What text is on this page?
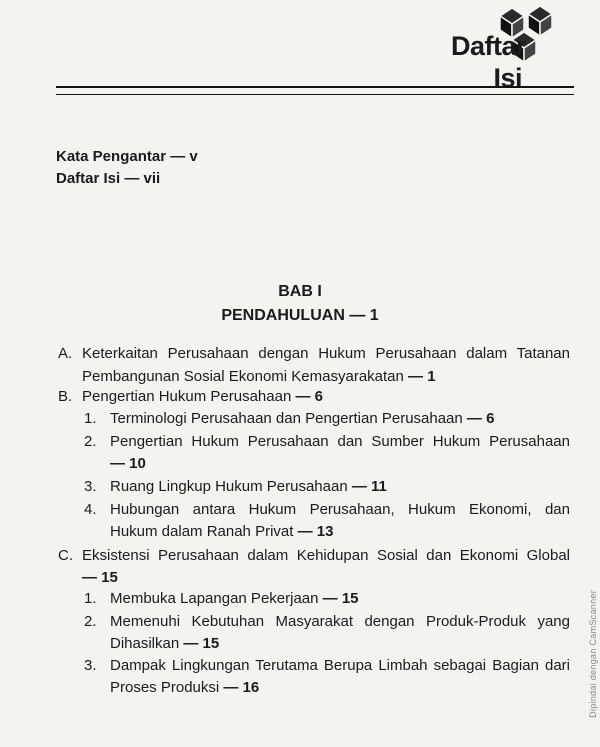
Daftar
Isi
Kata Pengantar — v
Daftar Isi — vii
BAB I
PENDAHULUAN — 1
A. Keterkaitan Perusahaan dengan Hukum Perusahaan dalam Tatanan
Pembangunan Sosial Ekonomi Kemasyarakatan — 1
B. Pengertian Hukum Perusahaan — 6
1. Terminologi Perusahaan dan Pengertian Perusahaan — 6
2. Pengertian Hukum Perusahaan dan Sumber Hukum Perusahaan
— 10
3. Ruang Lingkup Hukum Perusahaan — 11
4. Hubungan antara Hukum Perusahaan, Hukum Ekonomi, dan
Hukum dalam Ranah Privat — 13
C. Eksistensi Perusahaan dalam Kehidupan Sosial dan Ekonomi Global
— 15
1. Membuka Lapangan Pekerjaan — 15
2. Memenuhi Kebutuhan Masyarakat dengan Produk-Produk yang
Dihasilkan — 15
3. Dampak Lingkungan Terutama Berupa Limbah sebagai Bagian dari
Proses Produksi — 16	Dipindai dengan CamScanner
